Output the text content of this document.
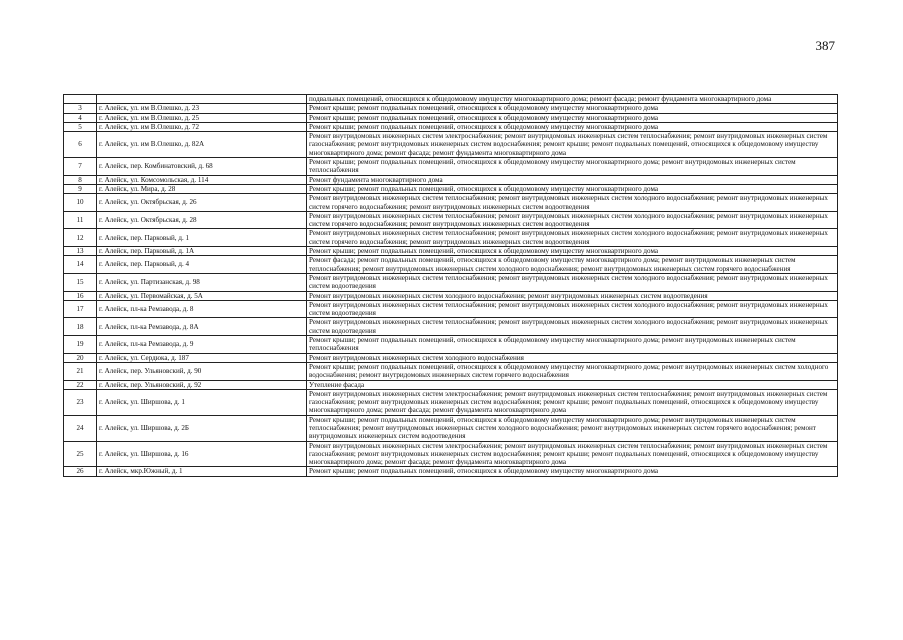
387
		подвальных помещений, относящихся к общедомовому имуществу многоквартирного дома; ремонт фасада; ремонт фундамента многоквартирного дома
3	г. Алейск, ул. им В.Олешко, д. 23	Ремонт крыши; ремонт подвальных помещений, относящихся к общедомовому имуществу многоквартирного дома
4	г. Алейск, ул. им В.Олешко, д. 25	Ремонт крыши; ремонт подвальных помещений, относящихся к общедомовому имуществу многоквартирного дома
5	г. Алейск, ул. им В.Олешко, д. 72	Ремонт крыши; ремонт подвальных помещений, относящихся к общедомовому имуществу многоквартирного дома
6	г. Алейск, ул. им В.Олешко, д. 82А	Ремонт внутридомовых инженерных систем электроснабжения; ремонт внутридомовых инженерных систем теплоснабжения; ремонт внутридомовых инженерных систем газоснабжения; ремонт внутридомовых инженерных систем водоснабжения; ремонт крыши; ремонт подвальных помещений, относящихся к общедомовому имуществу многоквартирного дома; ремонт фасада; ремонт фундамента многоквартирного дома
7	г. Алейск, пер. Комбинатовский, д. 68	Ремонт крыши; ремонт подвальных помещений, относящихся к общедомовому имуществу многоквартирного дома; ремонт внутридомовых инженерных систем теплоснабжения
8	г. Алейск, ул. Комсомольская, д. 114	Ремонт фундамента многоквартирного дома
9	г. Алейск, ул. Мира, д. 28	Ремонт крыши; ремонт подвальных помещений, относящихся к общедомовому имуществу многоквартирного дома
10	г. Алейск, ул. Октябрьская, д. 26	Ремонт внутридомовых инженерных систем теплоснабжения; ремонт внутридомовых инженерных систем холодного водоснабжения; ремонт внутридомовых инженерных систем горячего водоснабжения; ремонт внутридомовых инженерных систем водоотведения
11	г. Алейск, ул. Октябрьская, д. 28	Ремонт внутридомовых инженерных систем теплоснабжения; ремонт внутридомовых инженерных систем холодного водоснабжения; ремонт внутридомовых инженерных систем горячего водоснабжения; ремонт внутридомовых инженерных систем водоотведения
12	г. Алейск, пер. Парковый, д. 1	Ремонт внутридомовых инженерных систем теплоснабжения; ремонт внутридомовых инженерных систем холодного водоснабжения; ремонт внутридомовых инженерных систем горячего водоснабжения; ремонт внутридомовых инженерных систем водоотведения
13	г. Алейск, пер. Парковый, д. 1А	Ремонт крыши; ремонт подвальных помещений, относящихся к общедомовому имуществу многоквартирного дома
14	г. Алейск, пер. Парковый, д. 4	Ремонт фасада; ремонт подвальных помещений, относящихся к общедомовому имуществу многоквартирного дома; ремонт внутридомовых инженерных систем теплоснабжения; ремонт внутридомовых инженерных систем холодного водоснабжения; ремонт внутридомовых инженерных систем горячего водоснабжения
15	г. Алейск, ул. Партизанская, д. 98	Ремонт внутридомовых инженерных систем теплоснабжения; ремонт внутридомовых инженерных систем холодного водоснабжения; ремонт внутридомовых инженерных систем водоотведения
16	г. Алейск, ул. Первомайская, д. 5А	Ремонт внутридомовых инженерных систем холодного водоснабжения; ремонт внутридомовых инженерных систем водоотведения
17	г. Алейск, пл-ка Ремзавода, д. 8	Ремонт внутридомовых инженерных систем теплоснабжения; ремонт внутридомовых инженерных систем холодного водоснабжения; ремонт внутридомовых инженерных систем водоотведения
18	г. Алейск, пл-ка Ремзавода, д. 8А	Ремонт внутридомовых инженерных систем теплоснабжения; ремонт внутридомовых инженерных систем холодного водоснабжения; ремонт внутридомовых инженерных систем водоотведения
19	г. Алейск, пл-ка Ремзавода, д. 9	Ремонт крыши; ремонт подвальных помещений, относящихся к общедомовому имуществу многоквартирного дома; ремонт внутридомовых инженерных систем теплоснабжения
20	г. Алейск, ул. Сердюка, д. 187	Ремонт внутридомовых инженерных систем холодного водоснабжения
21	г. Алейск, пер. Ульяновский, д. 90	Ремонт крыши; ремонт подвальных помещений, относящихся к общедомовому имуществу многоквартирного дома; ремонт внутридомовых инженерных систем холодного водоснабжения; ремонт внутридомовых инженерных систем горячего водоснабжения
22	г. Алейск, пер. Ульяновский, д. 92	Утепление фасада
23	г. Алейск, ул. Ширшова, д. 1	Ремонт внутридомовых инженерных систем электроснабжения; ремонт внутридомовых инженерных систем теплоснабжения; ремонт внутридомовых инженерных систем газоснабжения; ремонт внутридомовых инженерных систем водоснабжения; ремонт крыши; ремонт подвальных помещений, относящихся к общедомовому имуществу многоквартирного дома; ремонт фасада; ремонт фундамента многоквартирного дома
24	г. Алейск, ул. Ширшова, д. 2Б	Ремонт крыши; ремонт подвальных помещений, относящихся к общедомовому имуществу многоквартирного дома; ремонт внутридомовых инженерных систем теплоснабжения; ремонт внутридомовых инженерных систем холодного водоснабжения; ремонт внутридомовых инженерных систем горячего водоснабжения; ремонт внутридомовых инженерных систем водоотведения
25	г. Алейск, ул. Ширшова, д. 16	Ремонт внутридомовых инженерных систем электроснабжения; ремонт внутридомовых инженерных систем теплоснабжения; ремонт внутридомовых инженерных систем газоснабжения; ремонт внутридомовых инженерных систем водоснабжения; ремонт крыши; ремонт подвальных помещений, относящихся к общедомовому имуществу многоквартирного дома; ремонт фасада; ремонт фундамента многоквартирного дома
26	г. Алейск, мкр.Южный, д. 1	Ремонт крыши; ремонт подвальных помещений, относящихся к общедомовому имуществу многоквартирного дома
